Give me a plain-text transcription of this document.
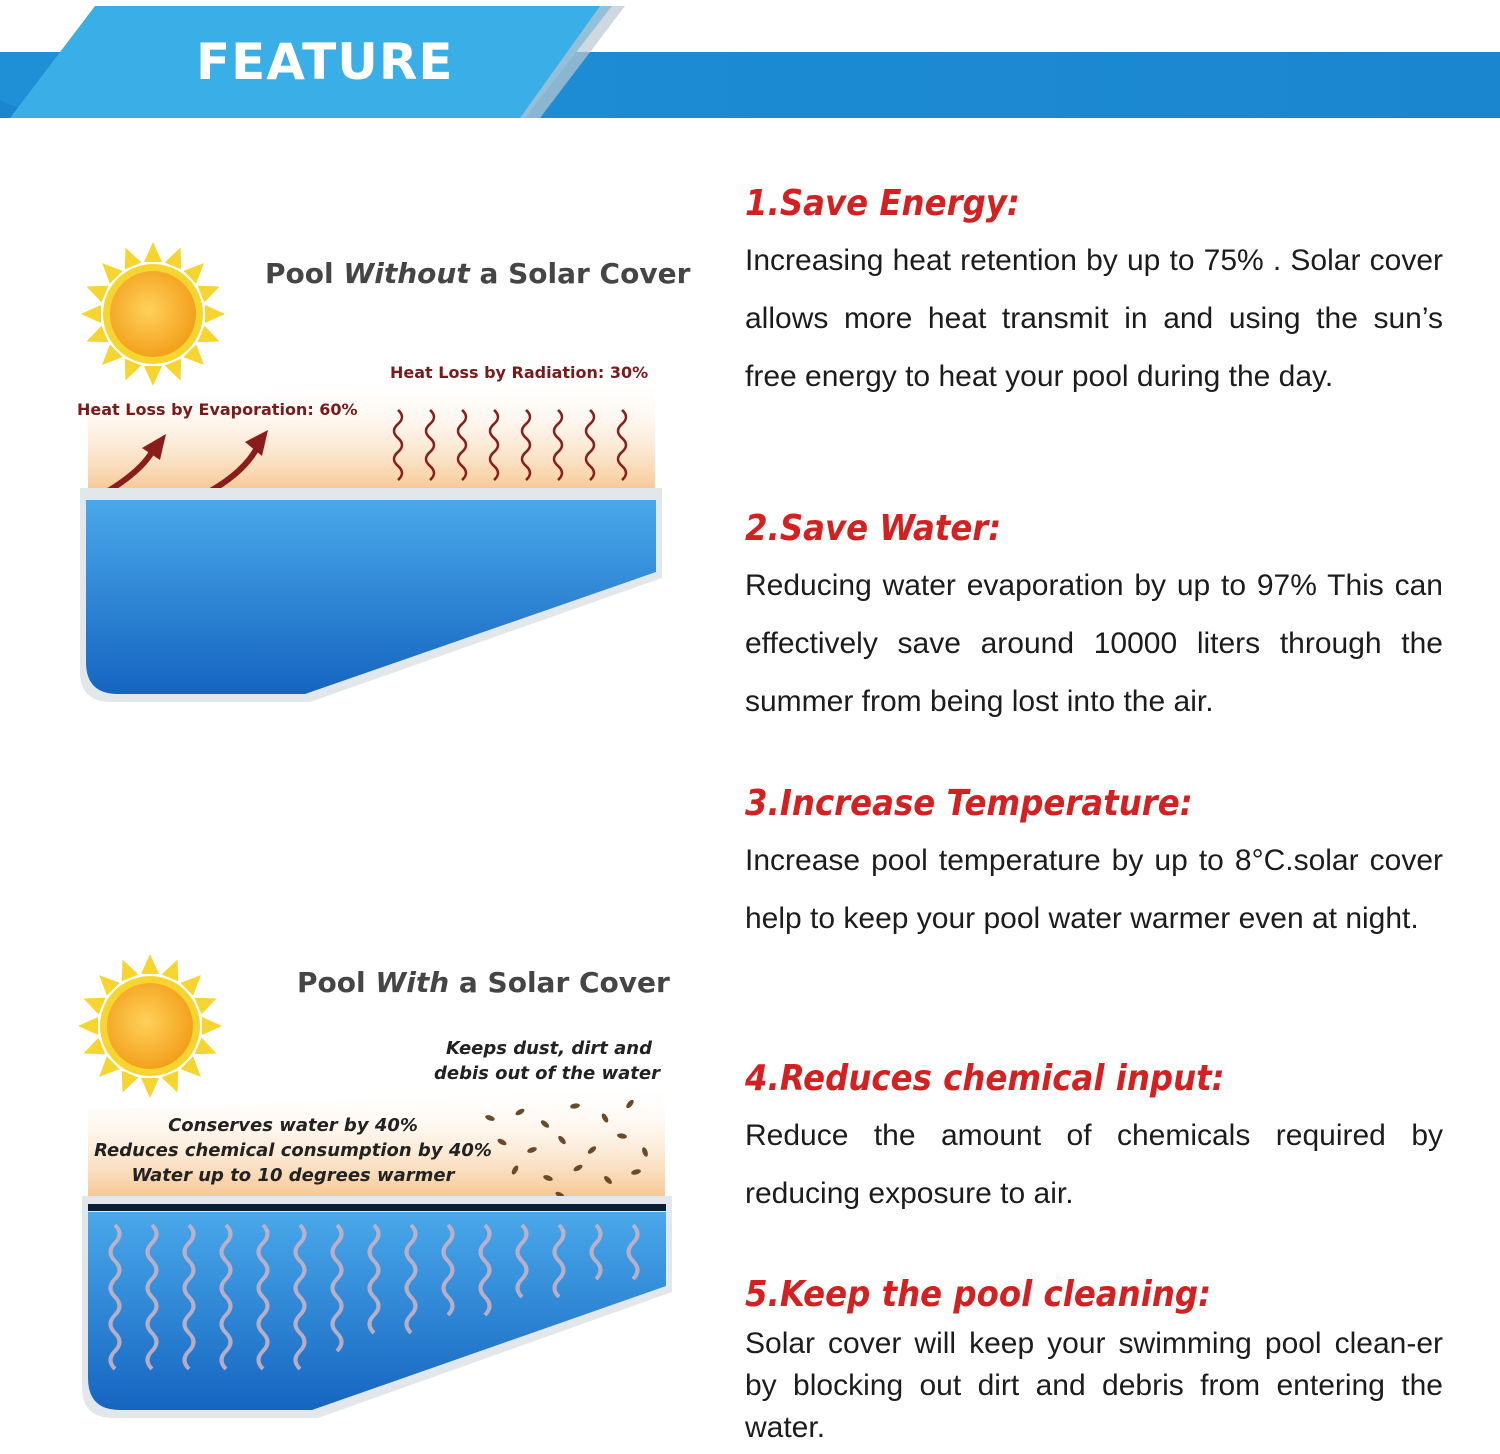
FEATURE
Pool Without a Solar Cover
Heat Loss by Radiation: 30%
Heat Loss by Evaporation: 60%
Pool With a Solar Cover
Keeps dust, dirt and
debis out of the water
Conserves water by 40%
Reduces chemical consumption by 40%
Water up to 10 degrees warmer
1.Save Energy:

Increasing heat retention by up to 75% . Solar cover allows more heat transmit in and using the sun’s free energy to heat your pool during the day.

2.Save Water:

Reducing water evaporation by up to 97% This can effectively save around 10000 liters through the summer from being lost into the air.

3.Increase Temperature:

Increase pool temperature by up to 8°C.solar cover help to keep your pool water warmer even at night.

4.Reduces chemical input:

Reduce the amount of chemicals required by reducing exposure to air.

5.Keep the pool cleaning:

Solar cover will keep your swimming pool clean-er by blocking out dirt and debris from entering the water.
